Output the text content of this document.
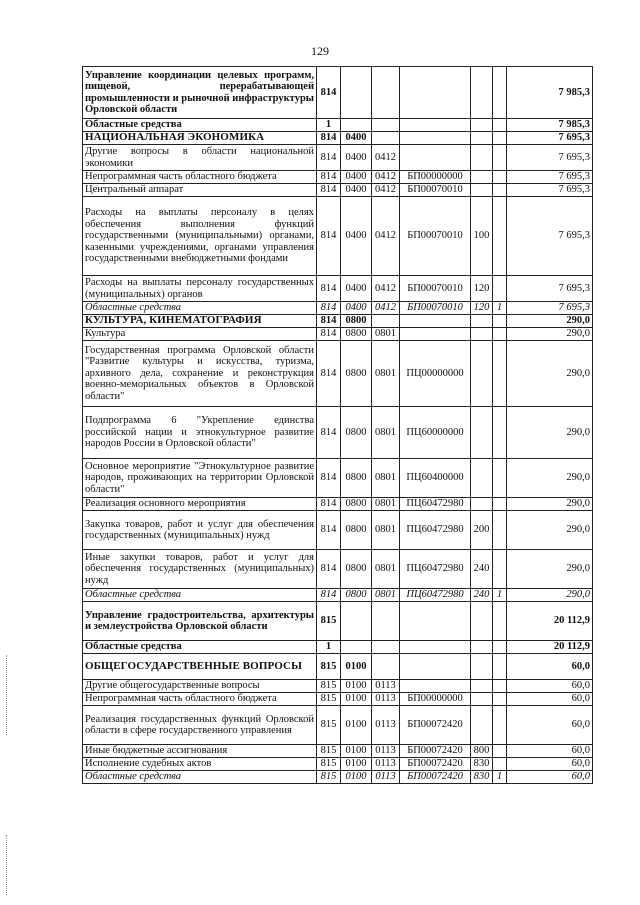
129
Управление координации целевых программ, пищевой, перерабатывающей промышленности и рыночной инфраструктуры Орловской области	814						7 985,3
Областные средства	1						7 985,3
НАЦИОНАЛЬНАЯ ЭКОНОМИКА	814	0400					7 695,3
Другие вопросы в области национальной экономики	814	0400	0412				7 695,3
Непрограммная часть областного бюджета	814	0400	0412	БП00000000			7 695,3
Центральный аппарат	814	0400	0412	БП00070010			7 695,3
Расходы на выплаты персоналу в целях обеспечения выполнения функций государственными (муниципальными) органами, казенными учреждениями, органами управления государственными внебюджетными фондами	814	0400	0412	БП00070010	100		7 695,3
Расходы на выплаты персоналу государственных (муниципальных) органов	814	0400	0412	БП00070010	120		7 695,3
Областные средства	814	0400	0412	БП00070010	120	1	7 695,3
КУЛЬТУРА, КИНЕМАТОГРАФИЯ	814	0800					290,0
Культура	814	0800	0801				290,0
Государственная программа Орловской области "Развитие культуры и искусства, туризма, архивного дела, сохранение и реконструкция военно-мемориальных объектов в Орловской области"	814	0800	0801	ПЦ00000000			290,0
Подпрограмма 6 "Укрепление единства российской нации и этнокультурное развитие народов России в Орловской области"	814	0800	0801	ПЦ60000000			290,0
Основное мероприятие "Этнокультурное развитие народов, проживающих на территории Орловской области"	814	0800	0801	ПЦ60400000			290,0
Реализация основного мероприятия	814	0800	0801	ПЦ60472980			290,0
Закупка товаров, работ и услуг для обеспечения государственных (муниципальных) нужд	814	0800	0801	ПЦ60472980	200		290,0
Иные закупки товаров, работ и услуг для обеспечения государственных (муниципальных) нужд	814	0800	0801	ПЦ60472980	240		290,0
Областные средства	814	0800	0801	ПЦ60472980	240	1	290,0
Управление градостроительства, архитектуры и землеустройства Орловской области	815						20 112,9
Областные средства	1						20 112,9
ОБЩЕГОСУДАРСТВЕННЫЕ ВОПРОСЫ	815	0100					60,0
Другие общегосударственные вопросы	815	0100	0113				60,0
Непрограммная часть областного бюджета	815	0100	0113	БП00000000			60,0
Реализация государственных функций Орловской области в сфере государственного управления	815	0100	0113	БП00072420			60,0
Иные бюджетные ассигнования	815	0100	0113	БП00072420	800		60,0
Исполнение судебных актов	815	0100	0113	БП00072420	830		60,0
Областные средства	815	0100	0113	БП00072420	830	1	60,0
